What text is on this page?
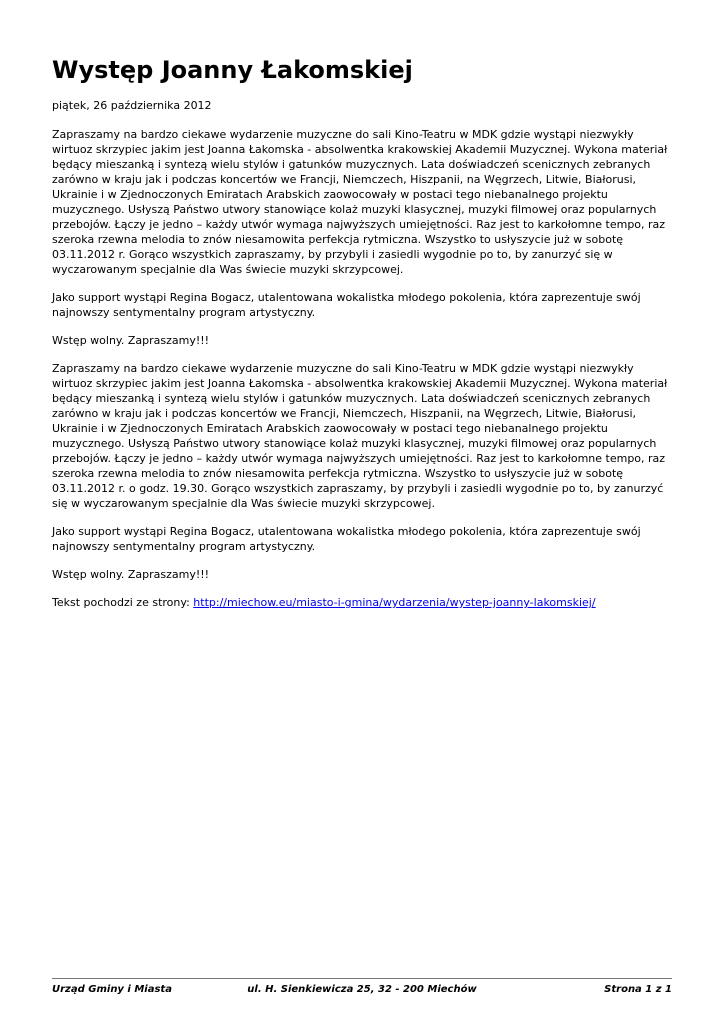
Występ Joanny Łakomskiej

piątek, 26 października 2012

Zapraszamy na bardzo ciekawe wydarzenie muzyczne do sali Kino-Teatru w MDK gdzie wystąpi niezwykły wirtuoz skrzypiec jakim jest Joanna Łakomska - absolwentka krakowskiej Akademii Muzycznej. Wykona materiał będący mieszanką i syntezą wielu stylów i gatunków muzycznych. Lata doświadczeń scenicznych zebranych zarówno w kraju jak i podczas koncertów we Francji, Niemczech, Hiszpanii, na Węgrzech, Litwie, Białorusi, Ukrainie i w Zjednoczonych Emiratach Arabskich zaowocowały w postaci tego niebanalnego projektu muzycznego. Usłyszą Państwo utwory stanowiące kolaż muzyki klasycznej, muzyki filmowej oraz popularnych przebojów. Łączy je jedno – każdy utwór wymaga najwyższych umiejętności. Raz jest to karkołomne tempo, raz szeroka rzewna melodia to znów niesamowita perfekcja rytmiczna. Wszystko to usłyszycie już w sobotę 03.11.2012 r. Gorąco wszystkich zapraszamy, by przybyli i zasiedli wygodnie po to, by zanurzyć się w wyczarowanym specjalnie dla Was świecie muzyki skrzypcowej.

Jako support wystąpi Regina Bogacz, utalentowana wokalistka młodego pokolenia, która zaprezentuje swój najnowszy sentymentalny program artystyczny.

Wstęp wolny. Zapraszamy!!!

Zapraszamy na bardzo ciekawe wydarzenie muzyczne do sali Kino-Teatru w MDK gdzie wystąpi niezwykły wirtuoz skrzypiec jakim jest Joanna Łakomska - absolwentka krakowskiej Akademii Muzycznej. Wykona materiał będący mieszanką i syntezą wielu stylów i gatunków muzycznych. Lata doświadczeń scenicznych zebranych zarówno w kraju jak i podczas koncertów we Francji, Niemczech, Hiszpanii, na Węgrzech, Litwie, Białorusi, Ukrainie i w Zjednoczonych Emiratach Arabskich zaowocowały w postaci tego niebanalnego projektu muzycznego. Usłyszą Państwo utwory stanowiące kolaż muzyki klasycznej, muzyki filmowej oraz popularnych przebojów. Łączy je jedno – każdy utwór wymaga najwyższych umiejętności. Raz jest to karkołomne tempo, raz szeroka rzewna melodia to znów niesamowita perfekcja rytmiczna. Wszystko to usłyszycie już w sobotę 03.11.2012 r. o godz. 19.30. Gorąco wszystkich zapraszamy, by przybyli i zasiedli wygodnie po to, by zanurzyć się w wyczarowanym specjalnie dla Was świecie muzyki skrzypcowej.

Jako support wystąpi Regina Bogacz, utalentowana wokalistka młodego pokolenia, która zaprezentuje swój najnowszy sentymentalny program artystyczny.

Wstęp wolny. Zapraszamy!!!

Tekst pochodzi ze strony: http://miechow.eu/miasto-i-gmina/wydarzenia/wystep-joanny-lakomskiej/

Urząd Gminy i Miasta	ul. H. Sienkiewicza 25, 32 - 200 Miechów	Strona 1 z 1
